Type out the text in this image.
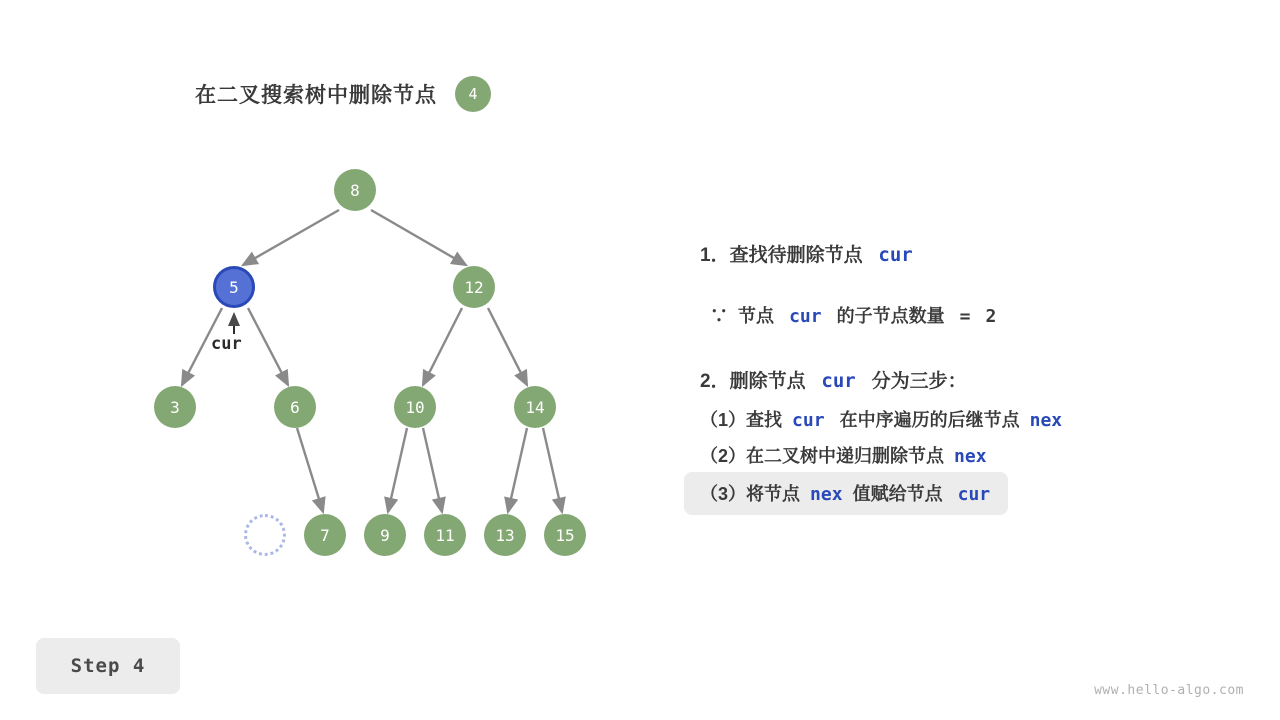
在二叉搜索树中删除节点	4
8
5	12
3	6	10	14
7	9	11	13	15
cur
1．查找待删除节点 cur
∵ 节点 cur 的子节点数量 = 2
2．删除节点 cur 分为三步：
（1）查找 cur 在中序遍历的后继节点 nex
（2）在二叉树中递归删除节点 nex
（3）将节点 nex 值赋给节点 cur
Step 4
www.hello-algo.com
